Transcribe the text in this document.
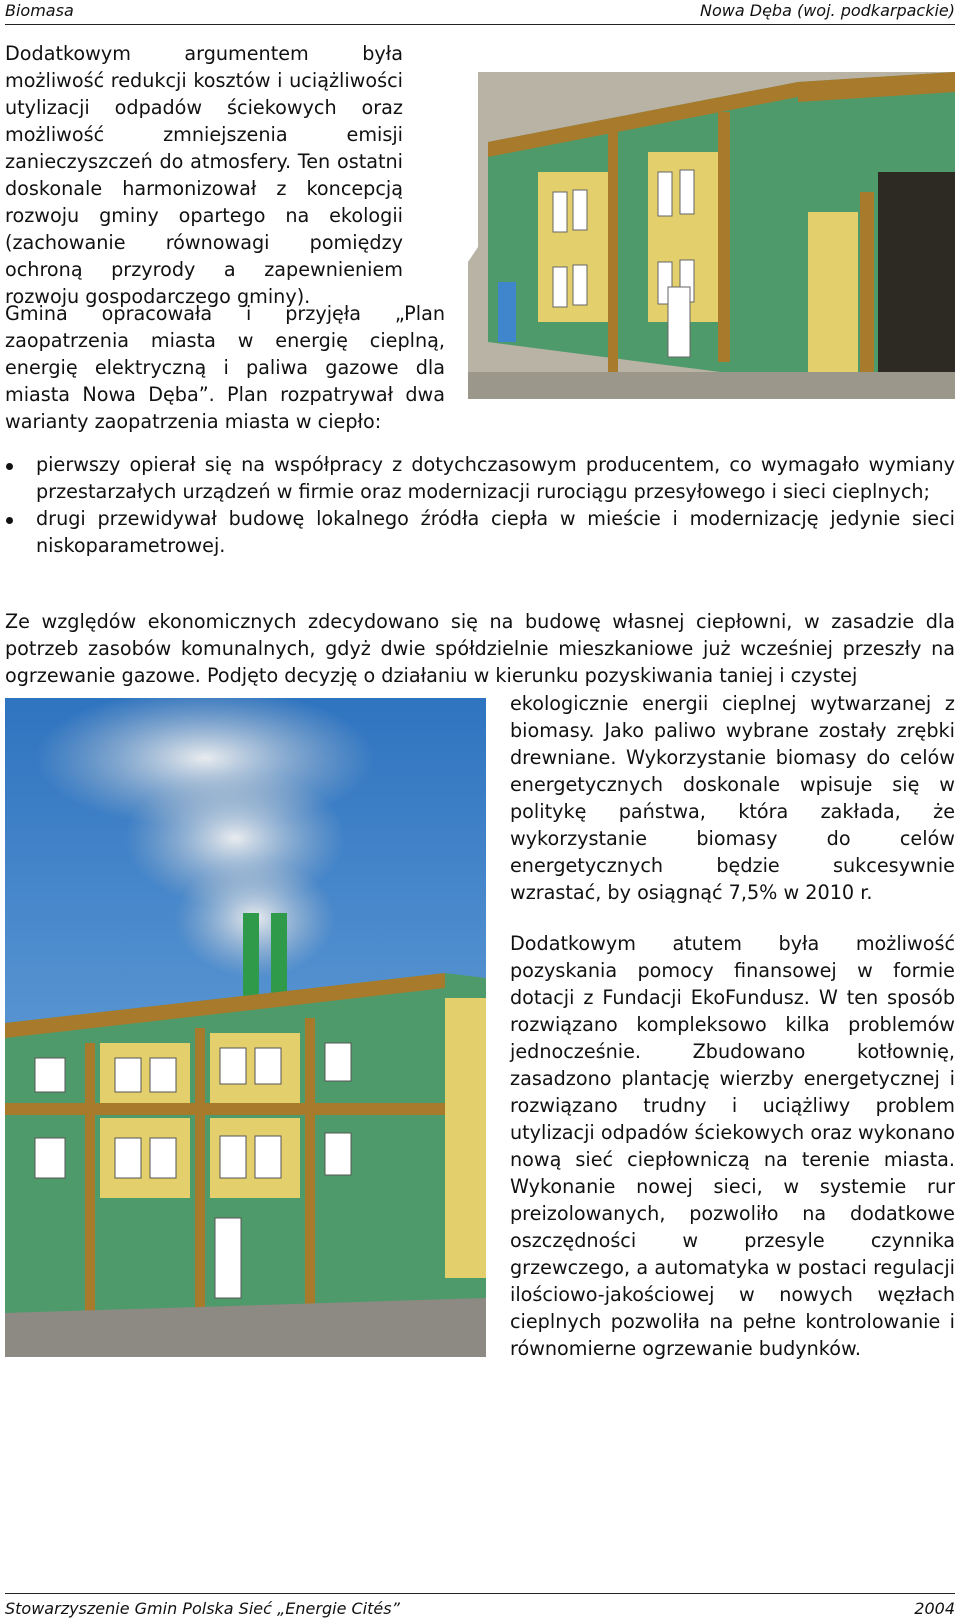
Biomasa	Nowa Dęba (woj. podkarpackie)

Dodatkowym argumentem była możliwość redukcji kosztów i uciążliwości utylizacji odpadów ściekowych oraz możliwość zmniejszenia emisji zanieczyszczeń do atmosfery. Ten ostatni doskonale harmonizował z koncepcją rozwoju gminy opartego na ekologii (zachowanie równowagi pomiędzy ochroną przyrody a zapewnieniem rozwoju gospodarczego gminy).

Gmina opracowała i przyjęła „Plan zaopatrzenia miasta w energię cieplną, energię elektryczną i paliwa gazowe dla miasta Nowa Dęba”. Plan rozpatrywał dwa warianty zaopatrzenia miasta w ciepło:

pierwszy opierał się na współpracy z dotychczasowym producentem, co wymagało wymiany przestarzałych urządzeń w firmie oraz modernizacji rurociągu przesyłowego i sieci cieplnych;
drugi przewidywał budowę lokalnego źródła ciepła w mieście i modernizację jedynie sieci niskoparametrowej.

Ze względów ekonomicznych zdecydowano się na budowę własnej ciepłowni, w zasadzie dla potrzeb zasobów komunalnych, gdyż dwie spółdzielnie mieszkaniowe już wcześniej przeszły na ogrzewanie gazowe. Podjęto decyzję o działaniu w kierunku pozyskiwania taniej i czystej

ekologicznie energii cieplnej wytwarzanej z biomasy. Jako paliwo wybrane zostały zrębki drewniane. Wykorzystanie biomasy do celów energetycznych doskonale wpisuje się w politykę państwa, która zakłada, że wykorzystanie biomasy do celów energetycznych będzie sukcesywnie wzrastać, by osiągnąć 7,5% w 2010 r.

Dodatkowym atutem była możliwość pozyskania pomocy finansowej w formie dotacji z Fundacji EkoFundusz. W ten sposób rozwiązano kompleksowo kilka problemów jednocześnie. Zbudowano kotłownię, zasadzono plantację wierzby energetycznej i rozwiązano trudny i uciążliwy problem utylizacji odpadów ściekowych oraz wykonano nową sieć ciepłowniczą na terenie miasta. Wykonanie nowej sieci, w systemie rur preizolowanych, pozwoliło na dodatkowe oszczędności w przesyle czynnika grzewczego, a automatyka w postaci regulacji ilościowo-jakościowej w nowych węzłach cieplnych pozwoliła na pełne kontrolowanie i równomierne ogrzewanie budynków.

Stowarzyszenie Gmin Polska Sieć „Energie Cités”	2004
